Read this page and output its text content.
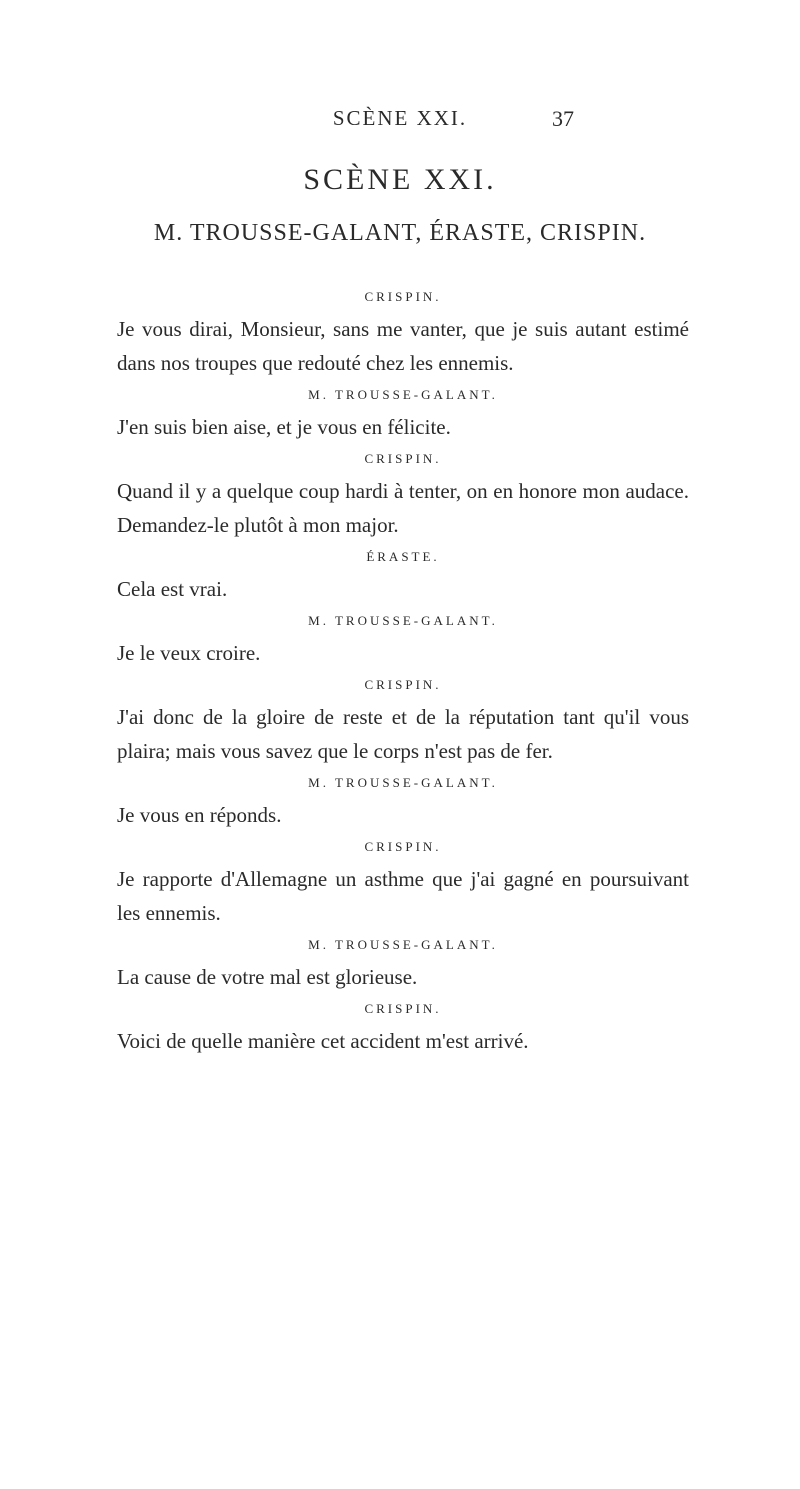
SCÈNE XXI.	37
SCÈNE XXI.
M. TROUSSE-GALANT, ÉRASTE, CRISPIN.
CRISPIN.

Je vous dirai, Monsieur, sans me vanter, que je suis autant estimé dans nos troupes que redouté chez les ennemis.

M. TROUSSE-GALANT.

J'en suis bien aise, et je vous en félicite.

CRISPIN.

Quand il y a quelque coup hardi à tenter, on en honore mon audace. Demandez-le plutôt à mon major.

ÉRASTE.

Cela est vrai.

M. TROUSSE-GALANT.

Je le veux croire.

CRISPIN.

J'ai donc de la gloire de reste et de la réputation tant qu'il vous plaira; mais vous savez que le corps n'est pas de fer.

M. TROUSSE-GALANT.

Je vous en réponds.

CRISPIN.

Je rapporte d'Allemagne un asthme que j'ai gagné en poursuivant les ennemis.

M. TROUSSE-GALANT.

La cause de votre mal est glorieuse.

CRISPIN.

Voici de quelle manière cet accident m'est arrivé.
